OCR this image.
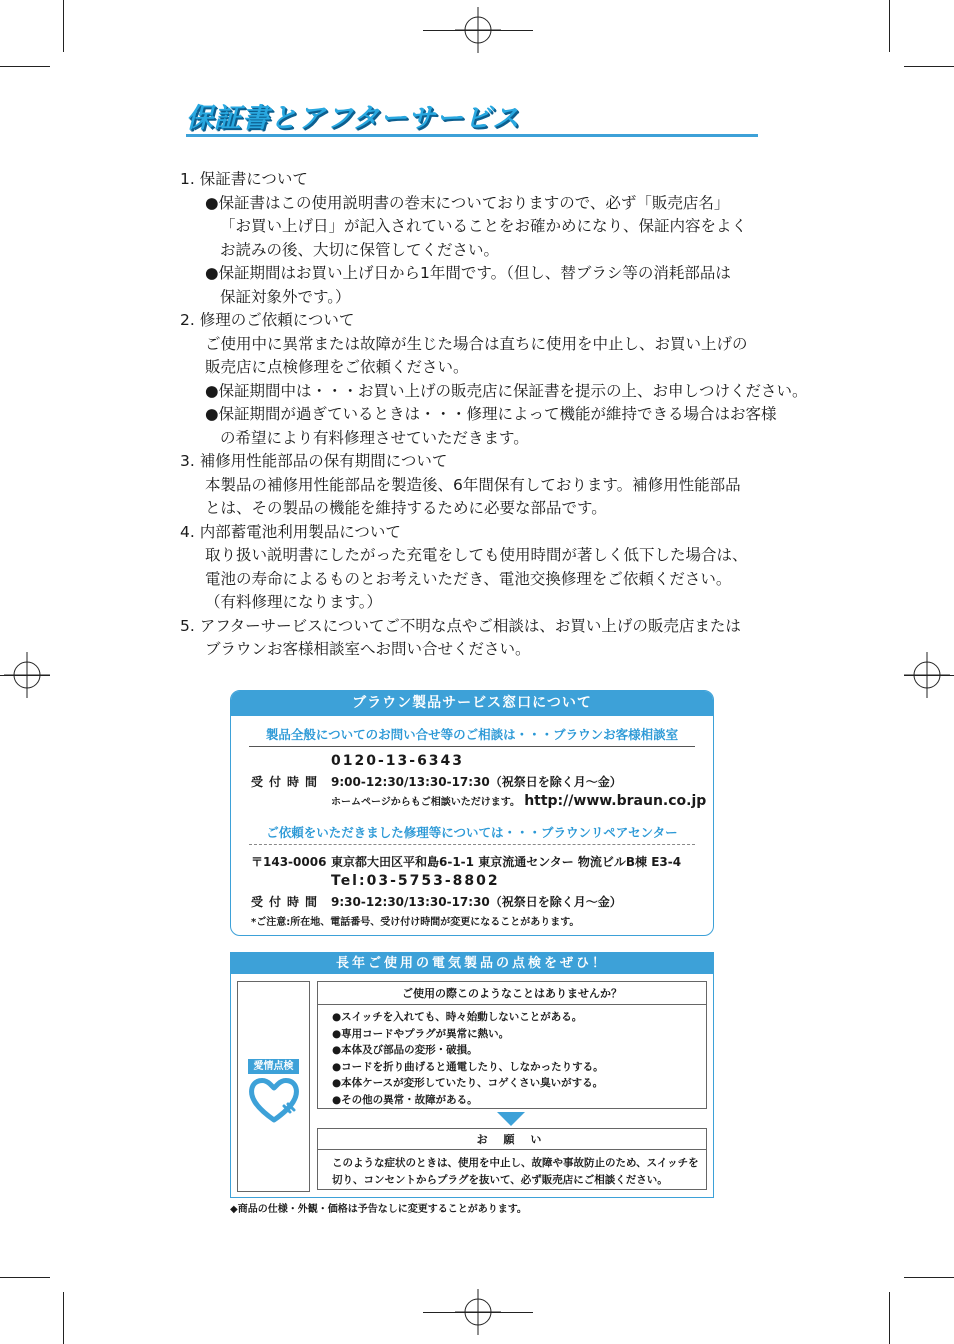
保証書とアフターサービス
1. 保証書について
●保証書はこの使用説明書の巻末についておりますので、必ず「販売店名」
「お買い上げ日」が記入されていることをお確かめになり、保証内容をよく
お読みの後、大切に保管してください。
●保証期間はお買い上げ日から1年間です。（但し、替ブラシ等の消耗部品は
保証対象外です。）
2. 修理のご依頼について
ご使用中に異常または故障が生じた場合は直ちに使用を中止し、お買い上げの
販売店に点検修理をご依頼ください。
●保証期間中は・・・お買い上げの販売店に保証書を提示の上、お申しつけください。
●保証期間が過ぎているときは・・・修理によって機能が維持できる場合はお客様
の希望により有料修理させていただきます。
3. 補修用性能部品の保有期間について
本製品の補修用性能部品を製造後、6年間保有しております。補修用性能部品
とは、その製品の機能を維持するために必要な部品です。
4. 内部蓄電池利用製品について
取り扱い説明書にしたがった充電をしても使用時間が著しく低下した場合は、
電池の寿命によるものとお考えいただき、電池交換修理をご依頼ください。
（有料修理になります。）
5. アフターサービスについてご不明な点やご相談は、お買い上げの販売店または
ブラウンお客様相談室へお問い合せください。
ブラウン製品サービス窓口について
製品全般についてのお問い合せ等のご相談は・・・ブラウンお客様相談室
0120-13-6343
受付時間 9:00-12:30/13:30-17:30（祝祭日を除く月〜金）
ホームページからもご相談いただけます。 http://www.braun.co.jp
ご依頼をいただきました修理等については・・・ブラウンリペアセンター
〒143-0006 東京都大田区平和島6-1-1 東京流通センター 物流ビルB棟 E3-4
Tel:03-5753-8802
受付時間 9:30-12:30/13:30-17:30（祝祭日を除く月〜金）
*ご注意:所在地、電話番号、受け付け時間が変更になることがあります。
長年ご使用の電気製品の点検をぜひ！
愛情点検
ご使用の際このようなことはありませんか？
●スイッチを入れても、時々始動しないことがある。
●専用コードやプラグが異常に熱い。
●本体及び部品の変形・破損。
●コードを折り曲げると通電したり、しなかったりする。
●本体ケースが変形していたり、コゲくさい臭いがする。
●その他の異常・故障がある。
お 願 い
このような症状のときは、使用を中止し、故障や事故防止のため、スイッチを
切り、コンセントからプラグを抜いて、必ず販売店にご相談ください。
◆商品の仕様・外観・価格は予告なしに変更することがあります。
